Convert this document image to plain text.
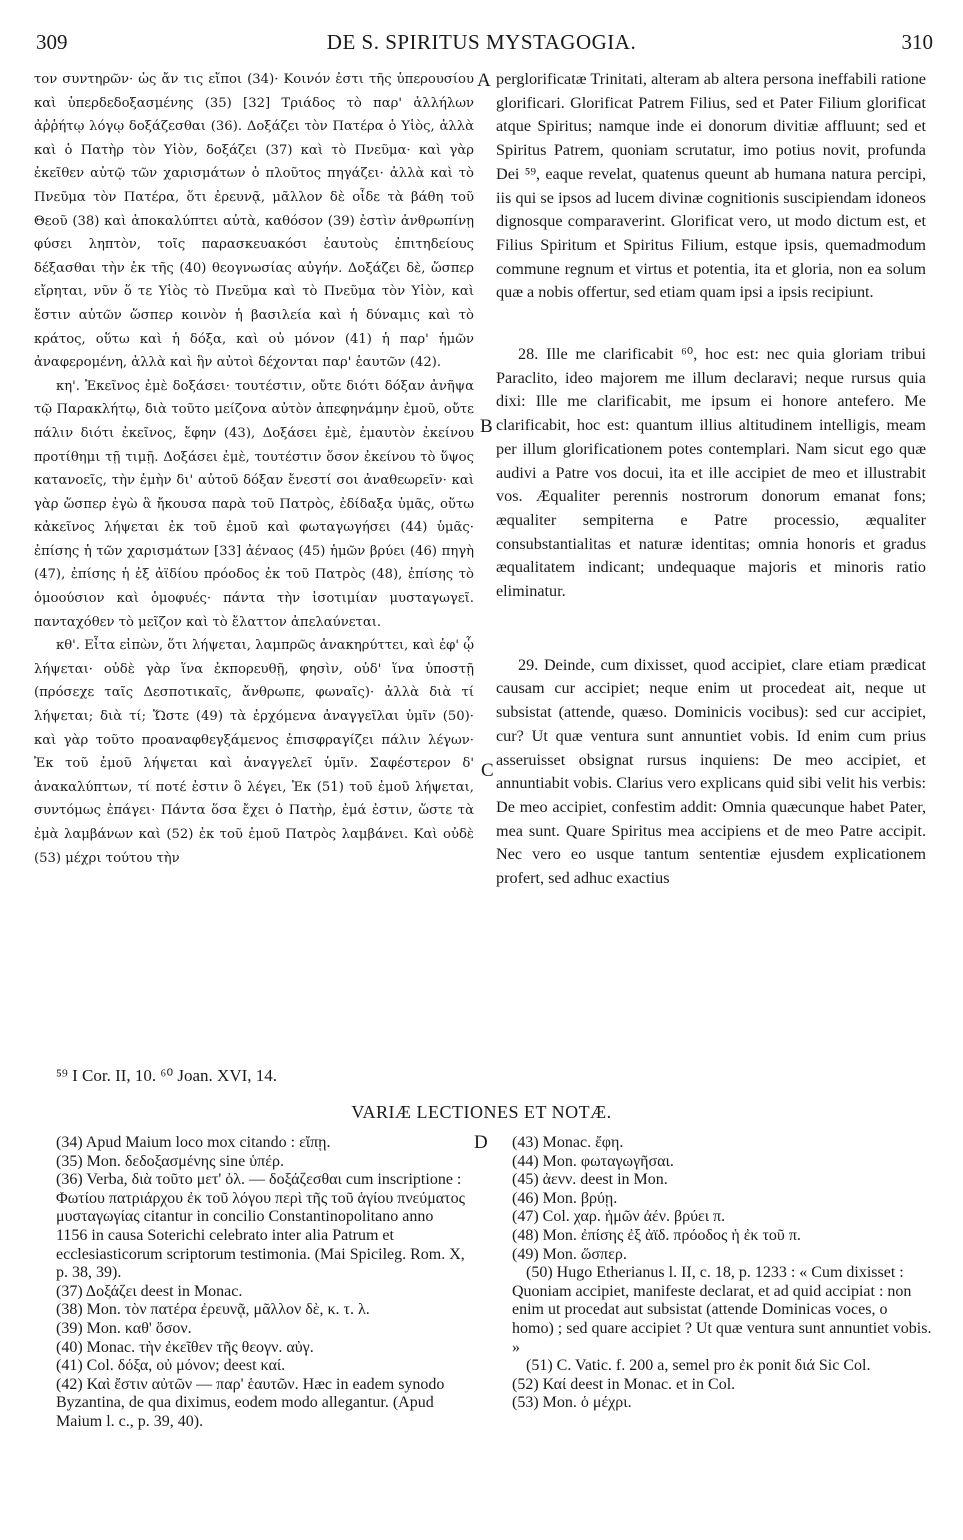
309	DE S. SPIRITUS MYSTAGOGIA.	310
A
B
C
D

τον συντηρῶν· ὡς ἄν τις εἴποι (34)· Κοινόν ἐστι τῆς ὑπερουσίου καὶ ὑπερδεδοξασμένης (35) [32] Τριάδος τὸ παρ' ἀλλήλων ἀῤῥήτῳ λόγῳ δοξάζεσθαι (36). Δοξάζει τὸν Πατέρα ὁ Υἱὸς, ἀλλὰ καὶ ὁ Πατὴρ τὸν Υἱὸν, δοξάζει (37) καὶ τὸ Πνεῦμα· καὶ γὰρ ἐκεῖθεν αὐτῷ τῶν χαρισμάτων ὁ πλοῦτος πηγάζει· ἀλλὰ καὶ τὸ Πνεῦμα τὸν Πατέρα, ὅτι ἐρευνᾷ, μᾶλλον δὲ οἶδε τὰ βάθη τοῦ Θεοῦ (38) καὶ ἀποκαλύπτει αὐτὰ, καθόσον (39) ἐστὶν ἀνθρωπίνῃ φύσει ληπτὸν, τοῖς παρασκευακόσι ἑαυτοὺς ἐπιτηδείους δέξασθαι τὴν ἐκ τῆς (40) θεογνωσίας αὐγήν. Δοξάζει δὲ, ὥσπερ εἴρηται, νῦν ὅ τε Υἱὸς τὸ Πνεῦμα καὶ τὸ Πνεῦμα τὸν Υἱὸν, καὶ ἔστιν αὐτῶν ὥσπερ κοινὸν ἡ βασιλεία καὶ ἡ δύναμις καὶ τὸ κράτος, οὕτω καὶ ἡ δόξα, καὶ οὐ μόνον (41) ἡ παρ' ἡμῶν ἀναφερομένη, ἀλλὰ καὶ ἣν αὐτοὶ δέχονται παρ' ἑαυτῶν (42).

κη'. Ἐκεῖνος ἐμὲ δοξάσει· τουτέστιν, οὔτε διότι δόξαν ἀνῆψα τῷ Παρακλήτῳ, διὰ τοῦτο μείζονα αὐτὸν ἀπεφηνάμην ἐμοῦ, οὔτε πάλιν διότι ἐκεῖνος, ἔφην (43), Δοξάσει ἐμὲ, ἐμαυτὸν ἐκείνου προτίθημι τῇ τιμῇ. Δοξάσει ἐμὲ, τουτέστιν ὅσον ἐκείνου τὸ ὕψος κατανοεῖς, τὴν ἐμὴν δι' αὐτοῦ δόξαν ἔνεστί σοι ἀναθεωρεῖν· καὶ γὰρ ὥσπερ ἐγὼ ἃ ἤκουσα παρὰ τοῦ Πατρὸς, ἐδίδαξα ὑμᾶς, οὕτω κἀκεῖνος λήψεται ἐκ τοῦ ἐμοῦ καὶ φωταγωγήσει (44) ὑμᾶς· ἐπίσης ἡ τῶν χαρισμάτων [33] ἀέναος (45) ἡμῶν βρύει (46) πηγὴ (47), ἐπίσης ἡ ἐξ ἀϊδίου πρόοδος ἐκ τοῦ Πατρὸς (48), ἐπίσης τὸ ὁμοούσιον καὶ ὁμοφυές· πάντα τὴν ἰσοτιμίαν μυσταγωγεῖ. πανταχόθεν τὸ μεῖζον καὶ τὸ ἔλαττον ἀπελαύνεται.

κθ'. Εἶτα εἰπὼν, ὅτι λήψεται, λαμπρῶς ἀνακηρύττει, καὶ ἐφ' ᾧ λήψεται· οὐδὲ γὰρ ἵνα ἐκπορευθῇ, φησὶν, οὐδ' ἵνα ὑποστῇ (πρόσεχε ταῖς Δεσποτικαῖς, ἄνθρωπε, φωναῖς)· ἀλλὰ διὰ τί λήψεται; διὰ τί; Ὥστε (49) τὰ ἐρχόμενα ἀναγγεῖλαι ὑμῖν (50)· καὶ γὰρ τοῦτο προαναφθεγξάμενος ἐπισφραγίζει πάλιν λέγων· Ἐκ τοῦ ἐμοῦ λήψεται καὶ ἀναγγελεῖ ὑμῖν. Σαφέστερον δ' ἀνακαλύπτων, τί ποτέ ἐστιν ὃ λέγει, Ἐκ (51) τοῦ ἐμοῦ λήψεται, συντόμως ἐπάγει· Πάντα ὅσα ἔχει ὁ Πατὴρ, ἐμά ἐστιν, ὥστε τὰ ἐμὰ λαμβάνων καὶ (52) ἐκ τοῦ ἐμοῦ Πατρὸς λαμβάνει. Καὶ οὐδὲ (53) μέχρι τούτου τὴν

perglorificatæ Trinitati, alteram ab altera persona ineffabili ratione glorificari. Glorificat Patrem Filius, sed et Pater Filium glorificat atque Spiritus; namque inde ei donorum divitiæ affluunt; sed et Spiritus Patrem, quoniam scrutatur, imo potius novit, profunda Dei ⁵⁹, eaque revelat, quatenus queunt ab humana natura percipi, iis qui se ipsos ad lucem divinæ cognitionis suscipiendam idoneos dignosque comparaverint. Glorificat vero, ut modo dictum est, et Filius Spiritum et Spiritus Filium, estque ipsis, quemadmodum commune regnum et virtus et potentia, ita et gloria, non ea solum quæ a nobis offertur, sed etiam quam ipsi a ipsis recipiunt.

28. Ille me clarificabit ⁶⁰, hoc est: nec quia gloriam tribui Paraclito, ideo majorem me illum declaravi; neque rursus quia dixi: Ille me clarificabit, me ipsum ei honore antefero. Me clarificabit, hoc est: quantum illius altitudinem intelligis, meam per illum glorificationem potes contemplari. Nam sicut ego quæ audivi a Patre vos docui, ita et ille accipiet de meo et illustrabit vos. Æqualiter perennis nostrorum donorum emanat fons; æqualiter sempiterna e Patre processio, æqualiter consubstantialitas et naturæ identitas; omnia honoris et gradus æqualitatem indicant; undequaque majoris et minoris ratio eliminatur.

29. Deinde, cum dixisset, quod accipiet, clare etiam prædicat causam cur accipiet; neque enim ut procedeat ait, neque ut subsistat (attende, quæso. Dominicis vocibus): sed cur accipiet, cur? Ut quæ ventura sunt annuntiet vobis. Id enim cum prius asseruisset obsignat rursus inquiens: De meo accipiet, et annuntiabit vobis. Clarius vero explicans quid sibi velit his verbis: De meo accipiet, confestim addit: Omnia quæcunque habet Pater, mea sunt. Quare Spiritus mea accipiens et de meo Patre accipit. Nec vero eo usque tantum sententiæ ejusdem explicationem profert, sed adhuc exactius

⁵⁹ I Cor. II, 10. ⁶⁰ Joan. XVI, 14.
VARIÆ LECTIONES ET NOTÆ.

(34) Apud Maium loco mox citando : εἴπῃ.

(35) Mon. δεδοξασμένης sine ὑπέρ.

(36) Verba, διὰ τοῦτο μετ' ὀλ. — δοξάζεσθαι cum inscriptione : Φωτίου πατριάρχου ἐκ τοῦ λόγου περὶ τῆς τοῦ ἁγίου πνεύματος μυσταγωγίας citantur in concilio Constantinopolitano anno 1156 in causa Soterichi celebrato inter alia Patrum et ecclesiasticorum scriptorum testimonia. (Mai Spicileg. Rom. X, p. 38, 39).

(37) Δοξάζει deest in Monac.

(38) Mon. τὸν πατέρα ἐρευνᾷ, μᾶλλον δὲ, κ. τ. λ.

(39) Mon. καθ' ὅσον.

(40) Monac. τὴν ἐκεῖθεν τῆς θεογν. αὐγ.

(41) Col. δόξα, οὐ μόνον; deest καί.

(42) Καὶ ἔστιν αὐτῶν — παρ' ἑαυτῶν. Hæc in eadem synodo Byzantina, de qua diximus, eodem modo allegantur. (Apud Maium l. c., p. 39, 40).

(43) Monac. ἔφη.

(44) Mon. φωταγωγῆσαι.

(45) ἀενν. deest in Mon.

(46) Mon. βρύῃ.

(47) Col. χαρ. ἡμῶν ἀέν. βρύει π.

(48) Mon. ἐπίσης ἐξ ἀϊδ. πρόοδος ἡ ἐκ τοῦ π.

(49) Mon. ὥσπερ.

(50) Hugo Etherianus l. II, c. 18, p. 1233 : « Cum dixisset : Quoniam accipiet, manifeste declarat, et ad quid accipiat : non enim ut procedat aut subsistat (attende Dominicas voces, o homo) ; sed quare accipiet ? Ut quæ ventura sunt annuntiet vobis. »

(51) C. Vatic. f. 200 a, semel pro ἐκ ponit διά Sic Col.

(52) Καί deest in Monac. et in Col.

(53) Mon. ὁ μέχρι.
